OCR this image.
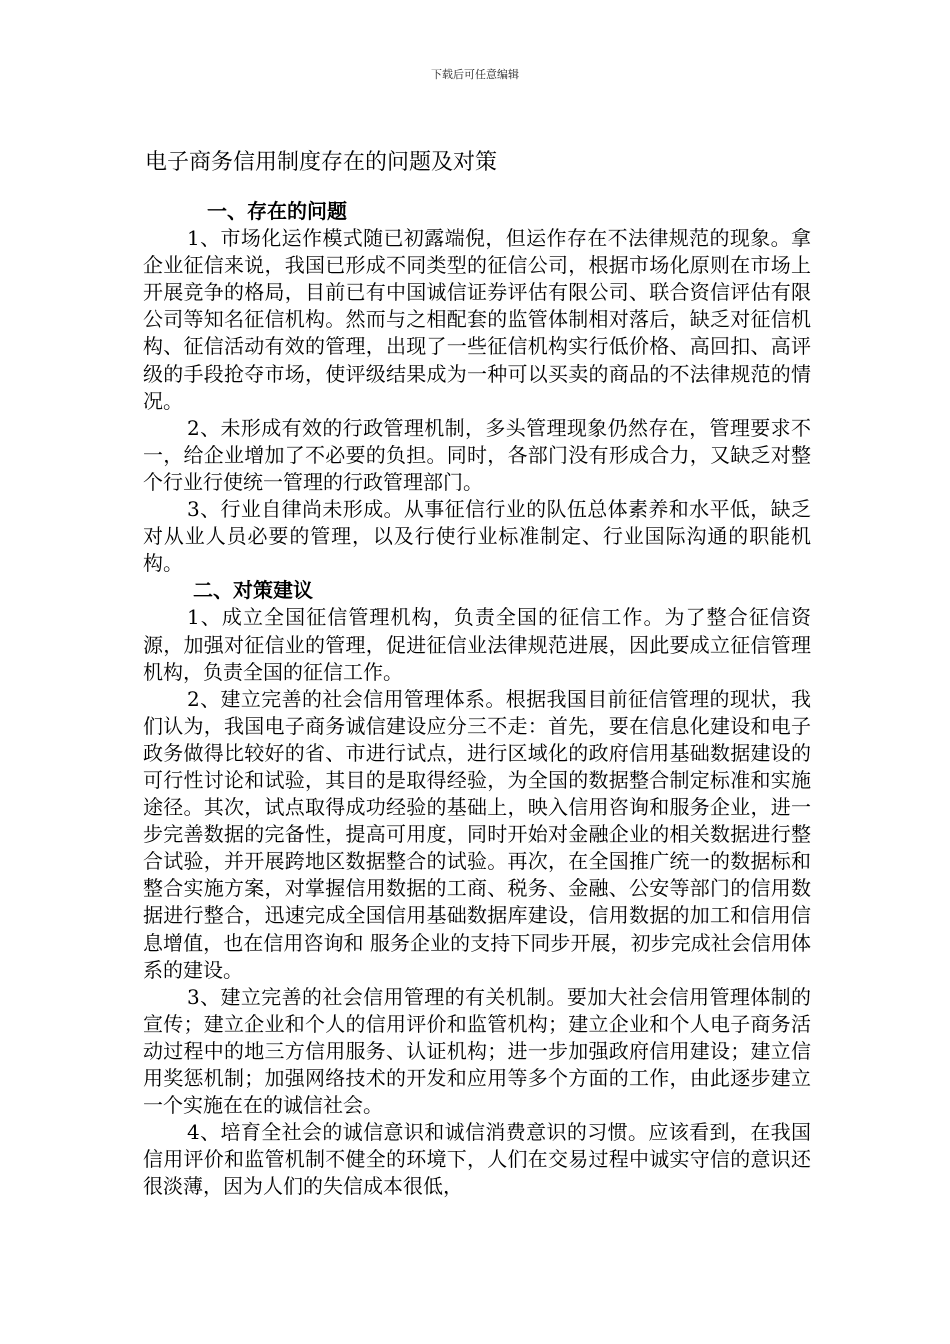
下载后可任意编辑
电子商务信用制度存在的问题及对策
一、存在的问题

1、市场化运作模式随已初露端倪，但运作存在不法律规范的现象。拿企业征信来说，我国已形成不同类型的征信公司，根据市场化原则在市场上开展竞争的格局，目前已有中国诚信证券评估有限公司、联合资信评估有限公司等知名征信机构。然而与之相配套的监管体制相对落后，缺乏对征信机构、征信活动有效的管理，出现了一些征信机构实行低价格、高回扣、高评级的手段抢夺市场，使评级结果成为一种可以买卖的商品的不法律规范的情况。

2、未形成有效的行政管理机制，多头管理现象仍然存在，管理要求不一，给企业增加了不必要的负担。同时，各部门没有形成合力，又缺乏对整个行业行使统一管理的行政管理部门。

3、行业自律尚未形成。从事征信行业的队伍总体素养和水平低，缺乏对从业人员必要的管理，以及行使行业标准制定、行业国际沟通的职能机构。

二、对策建议

1、成立全国征信管理机构，负责全国的征信工作。为了整合征信资源，加强对征信业的管理，促进征信业法律规范进展，因此要成立征信管理机构，负责全国的征信工作。

2、建立完善的社会信用管理体系。根据我国目前征信管理的现状，我们认为，我国电子商务诚信建设应分三不走：首先，要在信息化建设和电子政务做得比较好的省、市进行试点，进行区域化的政府信用基础数据建设的可行性讨论和试验，其目的是取得经验，为全国的数据整合制定标准和实施途径。其次，试点取得成功经验的基础上，映入信用咨询和服务企业，进一步完善数据的完备性，提高可用度，同时开始对金融企业的相关数据进行整合试验，并开展跨地区数据整合的试验。再次，在全国推广统一的数据标和整合实施方案，对掌握信用数据的工商、税务、金融、公安等部门的信用数据进行整合，迅速完成全国信用基础数据库建设，信用数据的加工和信用信息增值，也在信用咨询和 服务企业的支持下同步开展，初步完成社会信用体系的建设。

3、建立完善的社会信用管理的有关机制。要加大社会信用管理体制的宣传；建立企业和个人的信用评价和监管机构；建立企业和个人电子商务活动过程中的地三方信用服务、认证机构；进一步加强政府信用建设；建立信用奖惩机制；加强网络技术的开发和应用等多个方面的工作，由此逐步建立一个实施在在的诚信社会。

4、培育全社会的诚信意识和诚信消费意识的习惯。应该看到，在我国信用评价和监管机制不健全的环境下，人们在交易过程中诚实守信的意识还很淡薄，因为人们的失信成本很低，
